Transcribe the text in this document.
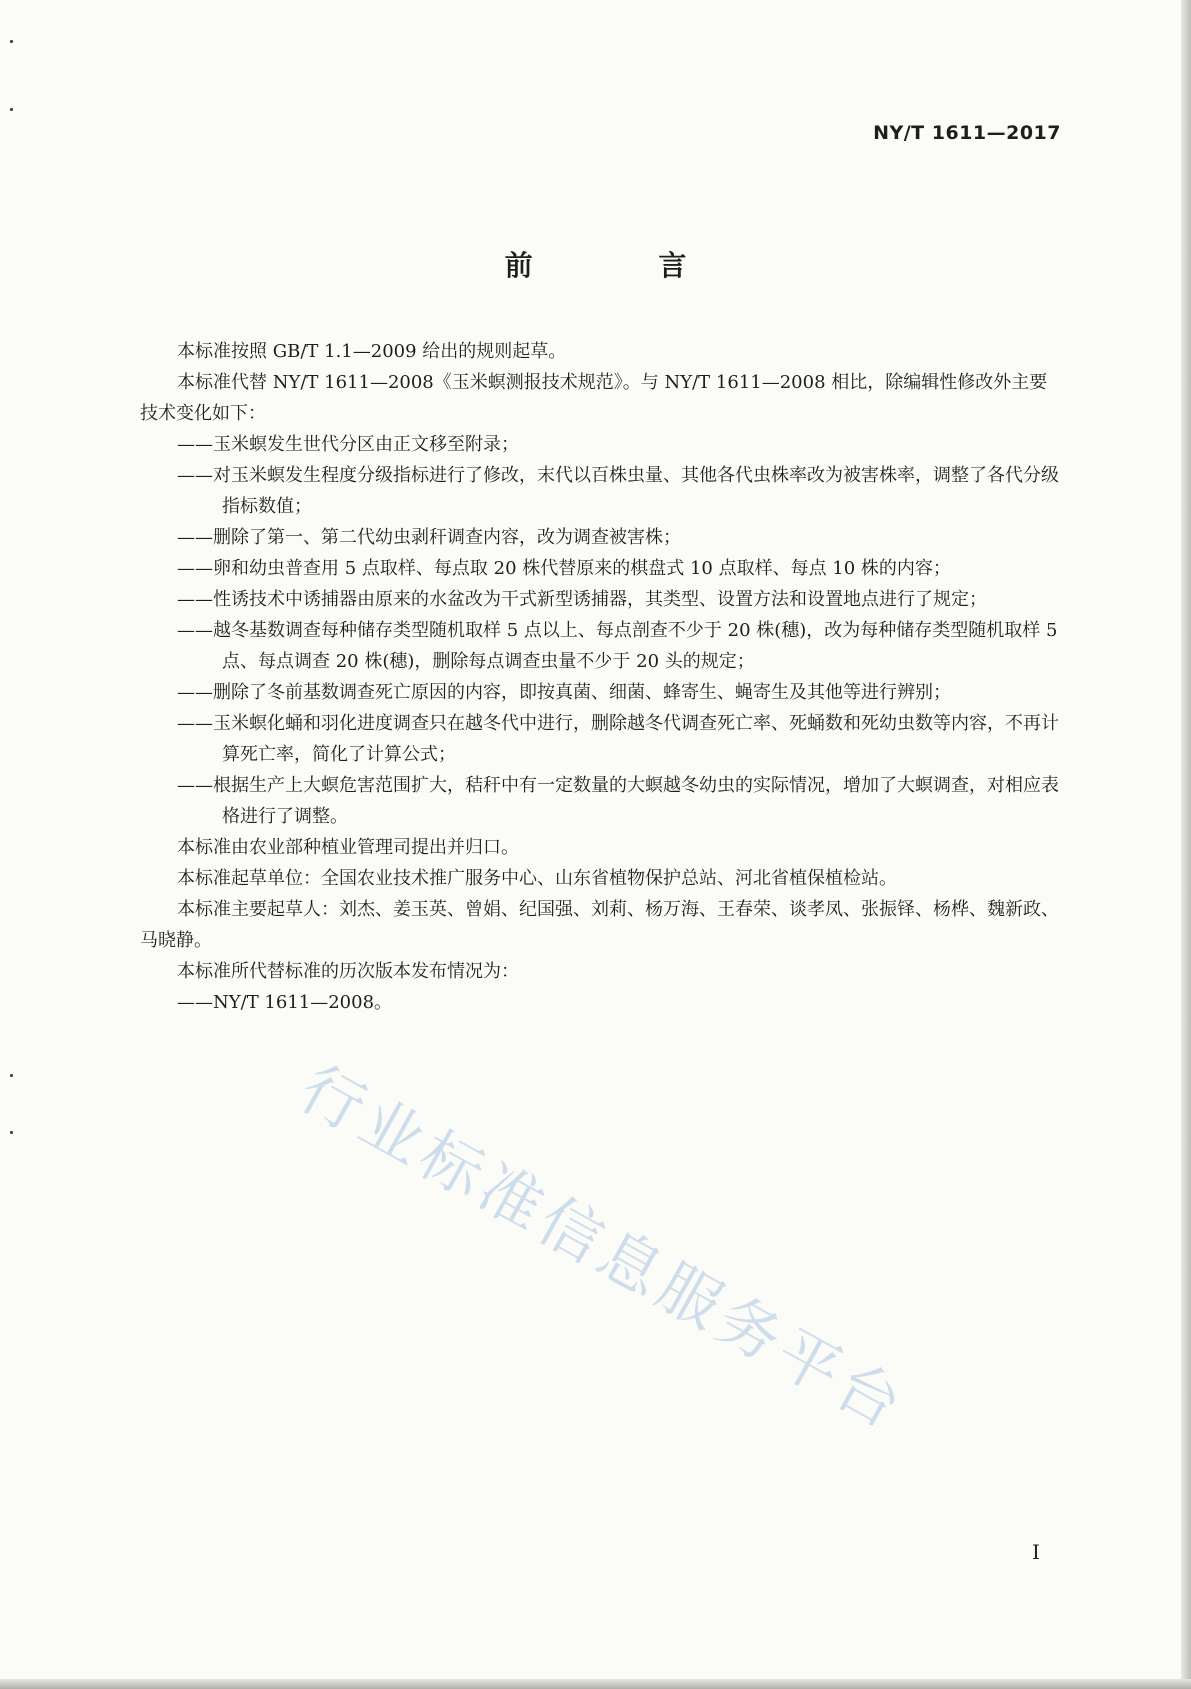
NY/T 1611—2017
前 言

本标准按照 GB/T 1.1—2009 给出的规则起草。

本标准代替 NY/T 1611—2008《玉米螟测报技术规范》。与 NY/T 1611—2008 相比，除编辑性修改外主要技术变化如下：

——玉米螟发生世代分区由正文移至附录；

——对玉米螟发生程度分级指标进行了修改，末代以百株虫量、其他各代虫株率改为被害株率，调整了各代分级指标数值；

——删除了第一、第二代幼虫剥秆调查内容，改为调查被害株；

——卵和幼虫普查用 5 点取样、每点取 20 株代替原来的棋盘式 10 点取样、每点 10 株的内容；

——性诱技术中诱捕器由原来的水盆改为干式新型诱捕器，其类型、设置方法和设置地点进行了规定；

——越冬基数调查每种储存类型随机取样 5 点以上、每点剖查不少于 20 株(穗)，改为每种储存类型随机取样 5 点、每点调查 20 株(穗)，删除每点调查虫量不少于 20 头的规定；

——删除了冬前基数调查死亡原因的内容，即按真菌、细菌、蜂寄生、蝇寄生及其他等进行辨别；

——玉米螟化蛹和羽化进度调查只在越冬代中进行，删除越冬代调查死亡率、死蛹数和死幼虫数等内容，不再计算死亡率，简化了计算公式；

——根据生产上大螟危害范围扩大，秸秆中有一定数量的大螟越冬幼虫的实际情况，增加了大螟调查，对相应表格进行了调整。

本标准由农业部种植业管理司提出并归口。

本标准起草单位：全国农业技术推广服务中心、山东省植物保护总站、河北省植保植检站。

本标准主要起草人：刘杰、姜玉英、曾娟、纪国强、刘莉、杨万海、王春荣、谈孝凤、张振铎、杨桦、魏新政、马晓静。

本标准所代替标准的历次版本发布情况为：

——NY/T 1611—2008。

行业标准信息服务平台
I
